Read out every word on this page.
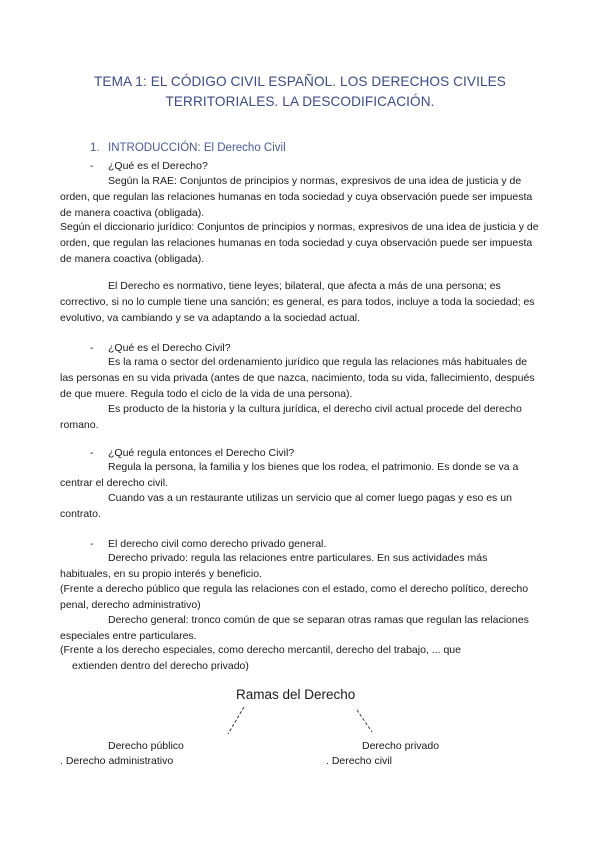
TEMA 1: EL CÓDIGO CIVIL ESPAÑOL. LOS DERECHOS CIVILES
TERRITORIALES. LA DESCODIFICACIÓN.
1. INTRODUCCIÓN: El Derecho Civil
- ¿Qué es el Derecho?

Según la RAE: Conjuntos de principios y normas, expresivos de una idea de justicia y de orden, que regulan las relaciones humanas en toda sociedad y cuya observación puede ser impuesta de manera coactiva (obligada).

Según el diccionario jurídico: Conjuntos de principios y normas, expresivos de una idea de justicia y de orden, que regulan las relaciones humanas en toda sociedad y cuya observación puede ser impuesta de manera coactiva (obligada).

El Derecho es normativo, tiene leyes; bilateral, que afecta a más de una persona; es correctivo, si no lo cumple tiene una sanción; es general, es para todos, incluye a toda la sociedad; es evolutivo, va cambiando y se va adaptando a la sociedad actual.

- ¿Qué es el Derecho Civil?

Es la rama o sector del ordenamiento jurídico que regula las relaciones más habituales de las personas en su vida privada (antes de que nazca, nacimiento, toda su vida, fallecimiento, después de que muere. Regula todo el ciclo de la vida de una persona).

Es producto de la historia y la cultura jurídica, el derecho civil actual procede del derecho romano.

- ¿Qué regula entonces el Derecho Civil?

Regula la persona, la familia y los bienes que los rodea, el patrimonio. Es donde se va a centrar el derecho civil.

Cuando vas a un restaurante utilizas un servicio que al comer luego pagas y eso es un contrato.

- El derecho civil como derecho privado general.

Derecho privado: regula las relaciones entre particulares. En sus actividades más habituales, en su propio interés y beneficio.

(Frente a derecho público que regula las relaciones con el estado, como el derecho político, derecho penal, derecho administrativo)

Derecho general: tronco común de que se separan otras ramas que regulan las relaciones especiales entre particulares.

(Frente a los derecho especiales, como derecho mercantil, derecho del trabajo, ... que

extienden dentro del derecho privado)

Ramas del Derecho
Derecho público	Derecho privado
. Derecho administrativo	. Derecho civil
